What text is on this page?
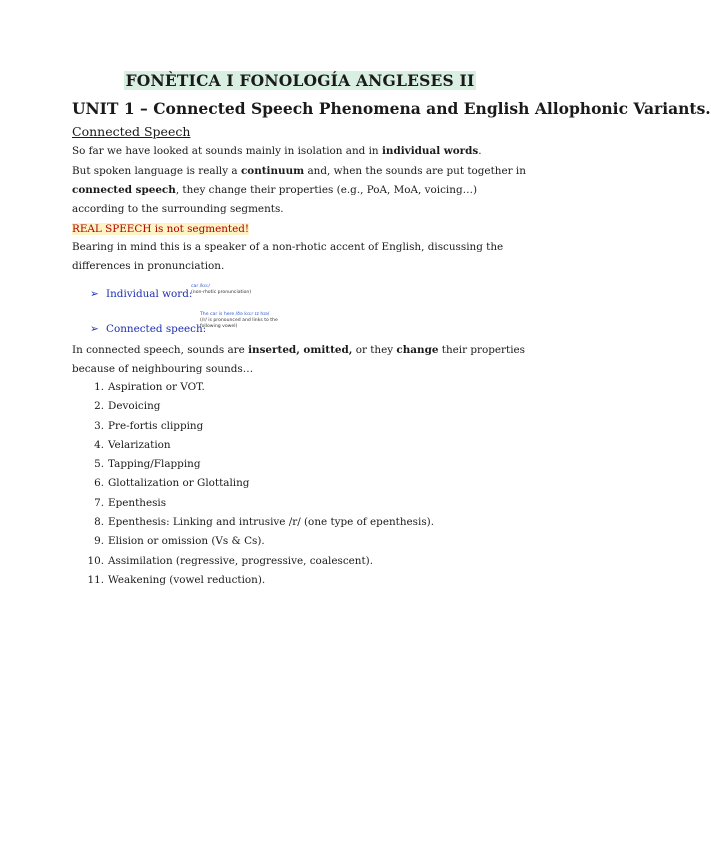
FONÈTICA I FONOLOGÍA ANGLESES II
UNIT 1 – Connected Speech Phenomena and English Allophonic Variants.
Connected Speech
So far we have looked at sounds mainly in isolation and in individual words.
But spoken language is really a continuum and, when the sounds are put together in connected speech, they change their properties (e.g., PoA, MoA, voicing…) according to the surrounding segments.
REAL SPEECH is not segmented!
Bearing in mind this is a speaker of a non-rhotic accent of English, discussing the differences in pronunciation.
➢ Individual word:
car /kɑː/
(non-rhotic pronunciation)
➢ Connected speech:
The car is here /ðə kɑːr ɪz hɪə/
(/r/ is pronounced and links to the
following vowel)
In connected speech, sounds are inserted, omitted, or they change their properties because of neighbouring sounds…
1. Aspiration or VOT.
2. Devoicing
3. Pre-fortis clipping
4. Velarization
5. Tapping/Flapping
6. Glottalization or Glottaling
7. Epenthesis
8. Epenthesis: Linking and intrusive /r/ (one type of epenthesis).
9. Elision or omission (Vs & Cs).
10. Assimilation (regressive, progressive, coalescent).
11. Weakening (vowel reduction).
